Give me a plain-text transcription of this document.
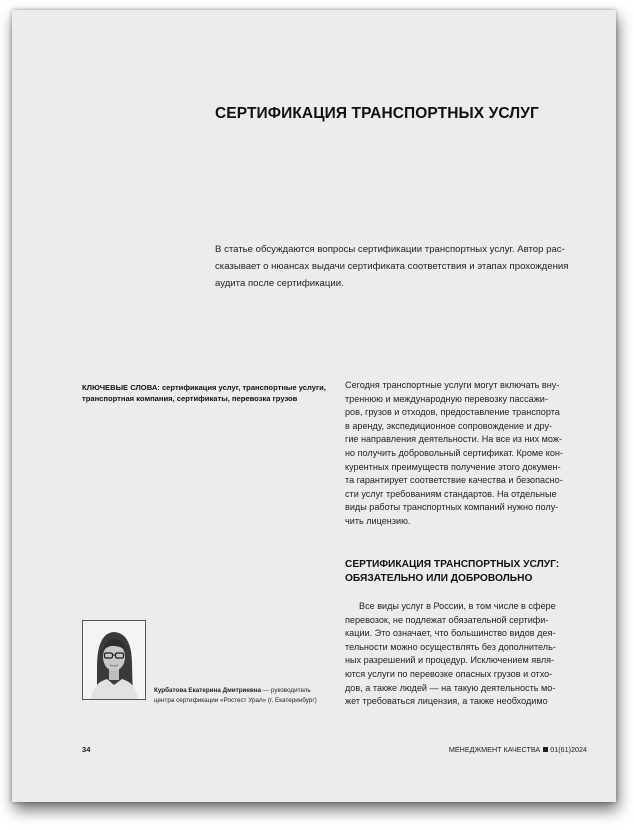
СЕРТИФИКАЦИЯ ТРАНСПОРТНЫХ УСЛУГ
В статье обсуждаются вопросы сертификации транспортных услуг. Автор рас-
сказывает о нюансах выдачи сертификата соответствия и этапах прохождения
аудита после сертификации.
КЛЮЧЕВЫЕ СЛОВА: сертификация услуг, транспортные услуги,
транспортная компания, сертификаты, перевозка грузов
Сегодня транспортные услуги могут включать вну-
треннюю и международную перевозку пассажи-
ров, грузов и отходов, предоставление транспорта
в аренду, экспедиционное сопровождение и дру-
гие направления деятельности. На все из них мож-
но получить добровольный сертификат. Кроме кон-
курентных преимуществ получение этого докумен-
та гарантирует соответствие качества и безопасно-
сти услуг требованиям стандартов. На отдельные
виды работы транспортных компаний нужно полу-
чить лицензию.
СЕРТИФИКАЦИЯ ТРАНСПОРТНЫХ УСЛУГ:
ОБЯЗАТЕЛЬНО ИЛИ ДОБРОВОЛЬНО
Все виды услуг в России, в том числе в сфере
перевозок, не подлежат обязательной сертифи-
кации. Это означает, что большинство видов дея-
тельности можно осуществлять без дополнитель-
ных разрешений и процедур. Исключением явля-
ются услуги по перевозке опасных грузов и отхо-
дов, а также людей — на такую деятельность мо-
жет требоваться лицензия, а также необходимо
Курбатова Екатерина Дмитриевна — руководитель
центра сертификации «Ростест Урал» (г. Екатеринбург)
34	МЕНЕДЖМЕНТ КАЧЕСТВА 01(61)2024
